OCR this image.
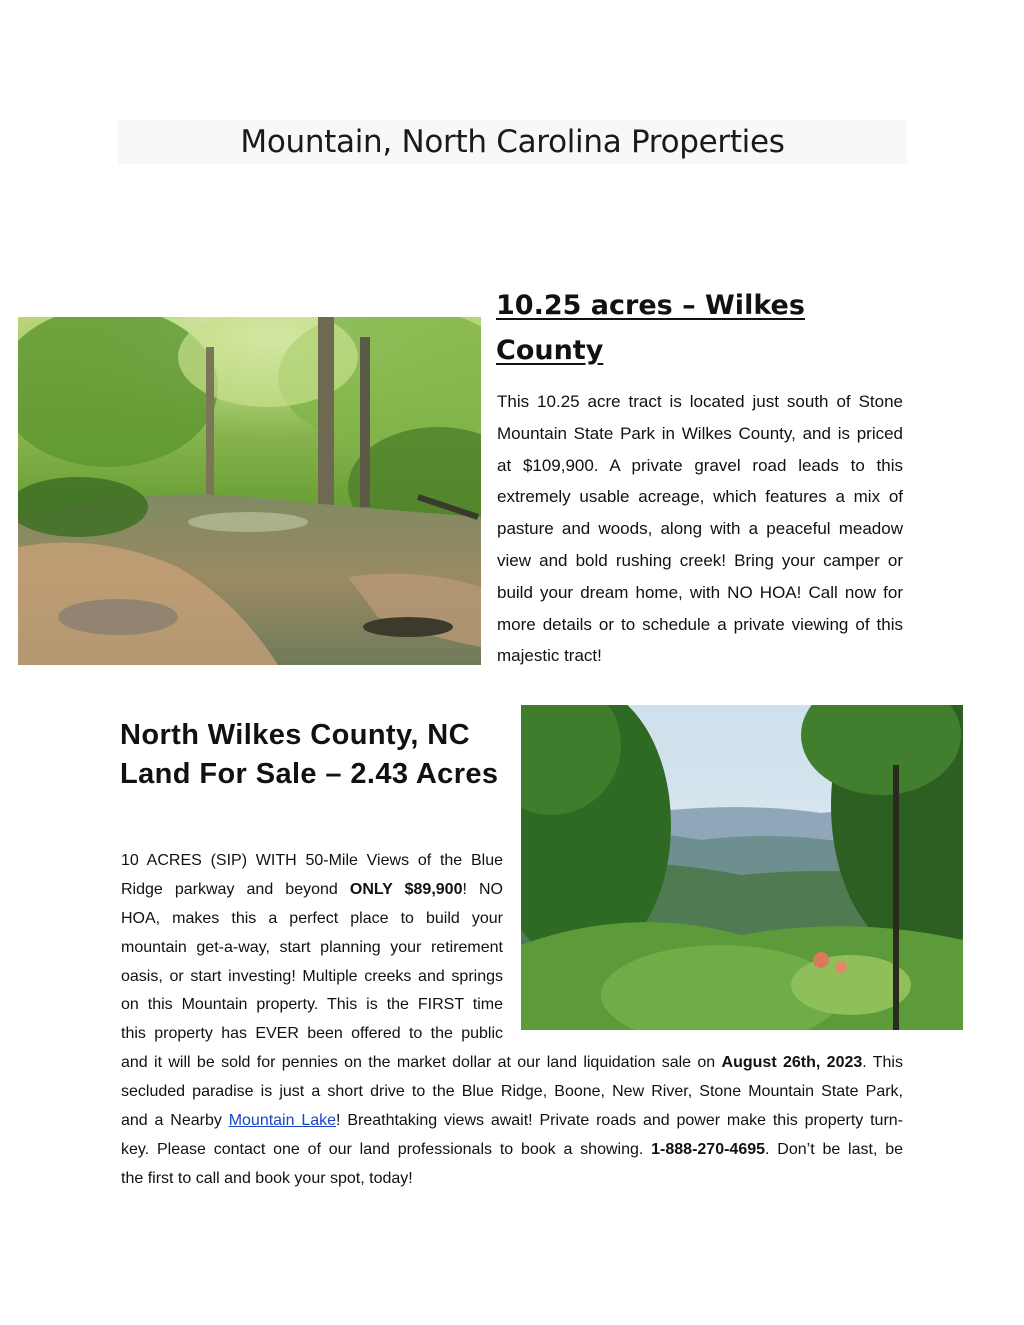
Mountain, North Carolina Properties
10.25 acres – Wilkes County

This 10.25 acre tract is located just south of Stone Mountain State Park in Wilkes County, and is priced at $109,900. A private gravel road leads to this extremely usable acreage, which features a mix of pasture and woods, along with a peaceful meadow view and bold rushing creek! Bring your camper or build your dream home, with NO HOA! Call now for more details or to schedule a private viewing of this majestic tract!

North Wilkes County, NC Land For Sale – 2.43 Acres
10 ACRES (SIP) WITH 50-Mile Views of the Blue
Ridge parkway and beyond ONLY $89,900! NO
HOA, makes this a perfect place to build your
mountain get-a-way, start planning your retirement
oasis, or start investing! Multiple creeks and springs
on this Mountain property. This is the FIRST time
this property has EVER been offered to the public
and it will be sold for pennies on the market dollar at our land liquidation sale on August 26th, 2023. This
secluded paradise is just a short drive to the Blue Ridge, Boone, New River, Stone Mountain State Park,
and a Nearby Mountain Lake! Breathtaking views await! Private roads and power make this property turn-
key. Please contact one of our land professionals to book a showing. 1-888-270-4695. Don’t be last, be
the first to call and book your spot, today!
